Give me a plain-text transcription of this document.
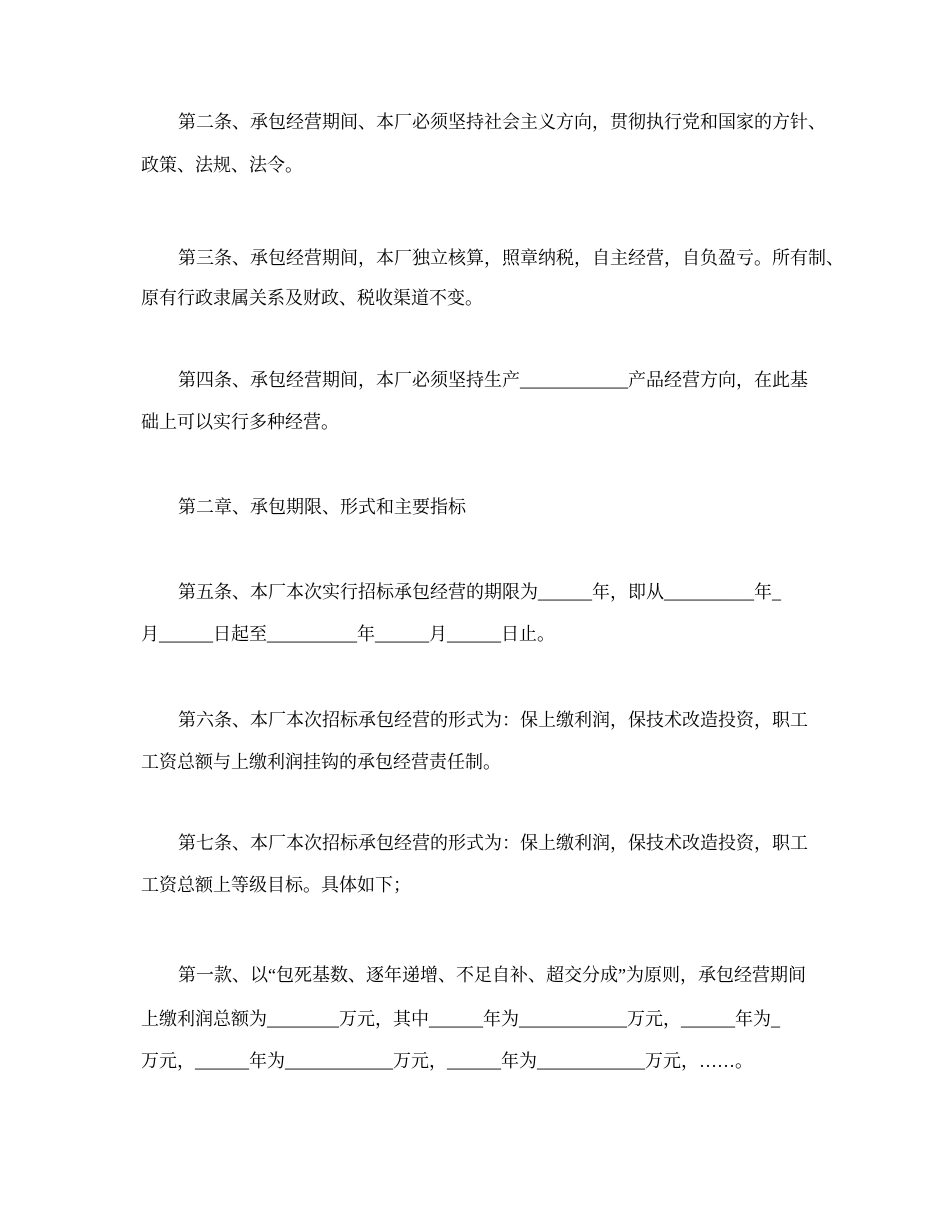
第二条、承包经营期间、本厂必须坚持社会主义方向，贯彻执行党和国家的方针、
政策、法规、法令。
第三条、承包经营期间，本厂独立核算，照章纳税，自主经营，自负盈亏。所有制、
原有行政隶属关系及财政、税收渠道不变。
第四条、承包经营期间，本厂必须坚持生产____________产品经营方向，在此基
础上可以实行多种经营。
第二章、承包期限、形式和主要指标
第五条、本厂本次实行招标承包经营的期限为______年，即从__________年_
月______日起至__________年______月______日止。
第六条、本厂本次招标承包经营的形式为：保上缴利润，保技术改造投资，职工
工资总额与上缴利润挂钩的承包经营责任制。
第七条、本厂本次招标承包经营的形式为：保上缴利润，保技术改造投资，职工
工资总额上等级目标。具体如下；
第一款、以“包死基数、逐年递增、不足自补、超交分成”为原则，承包经营期间
上缴利润总额为________万元，其中______年为____________万元，______年为_
万元，______年为____________万元，______年为____________万元，……。
